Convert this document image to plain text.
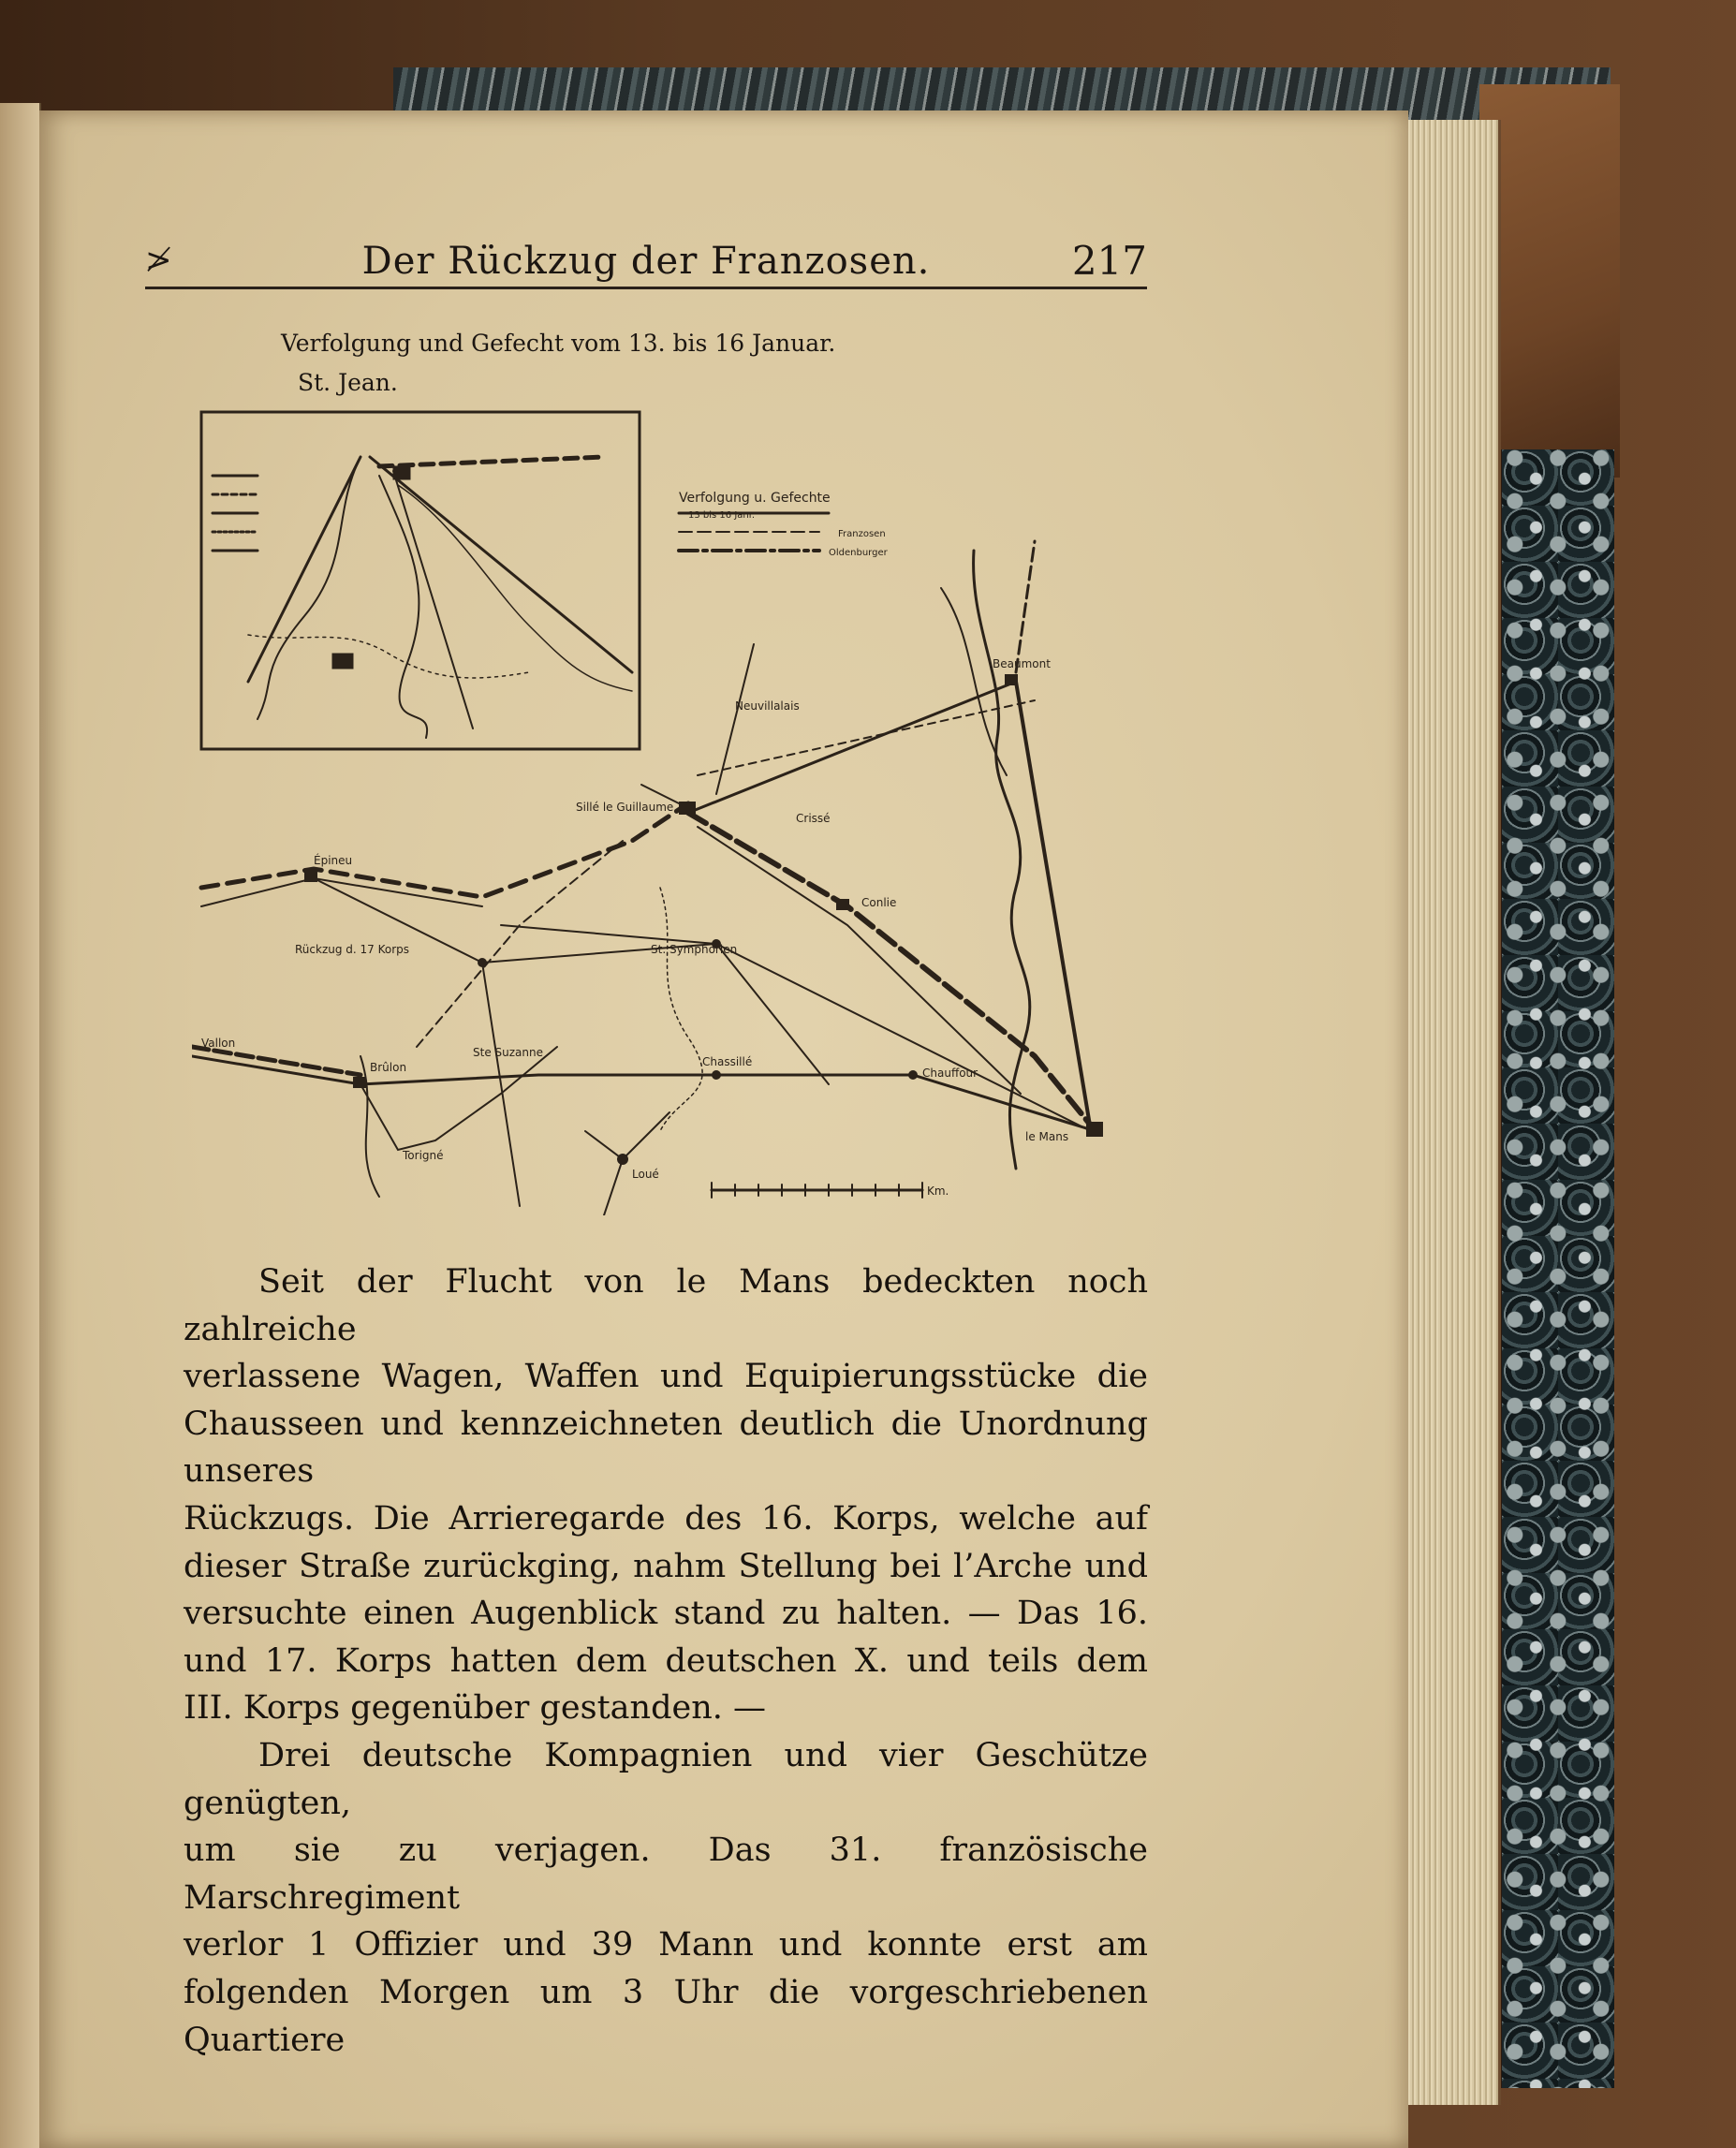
≯	Der Rückzug der Franzosen.	217
Verfolgung und Gefecht vom 13. bis 16 Januar.
St. Jean.
Verfolgung u. Gefechte
13 bis 16 Janr.
Franzosen
Oldenburger
Sillé le Guillaume
Conlie
le Mans
Chauffour
Loué
Chassillé
Brûlon
Épineu
Torigné
Beaumont
Crissé
Neuvillalais
St. Symphorien
Rückzug d. 17 Korps
Ste Suzanne
Vallon
Km.
Seit der Flucht von le Mans bedeckten noch zahlreiche
verlassene Wagen, Waffen und Equipierungsstücke die
Chausseen und kennzeichneten deutlich die Unordnung unseres
Rückzugs. Die Arrieregarde des 16. Korps, welche auf
dieser Straße zurückging, nahm Stellung bei l’Arche und
versuchte einen Augenblick stand zu halten. — Das 16.
und 17. Korps hatten dem deutschen X. und teils dem
III. Korps gegenüber gestanden. —
Drei deutsche Kompagnien und vier Geschütze genügten,
um sie zu verjagen. Das 31. französische Marschregiment
verlor 1 Offizier und 39 Mann und konnte erst am
folgenden Morgen um 3 Uhr die vorgeschriebenen Quartiere
